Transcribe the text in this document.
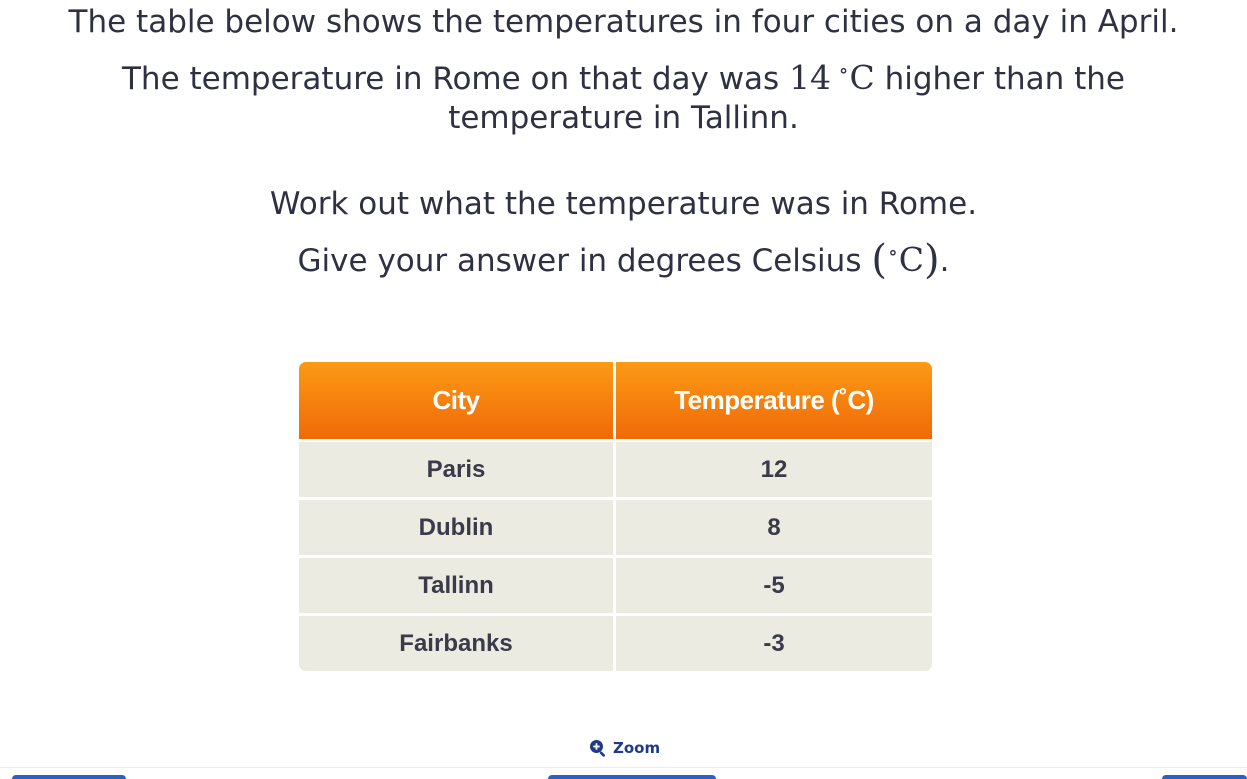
The table below shows the temperatures in four cities on a day in April.

The temperature in Rome on that day was 14  ∘C higher than the

temperature in Tallinn.

Work out what the temperature was in Rome.

Give your answer in degrees Celsius (∘C).

City	Temperature (˚C)
Paris	12
Dublin	8
Tallinn	-5
Fairbanks	-3
Zoom
